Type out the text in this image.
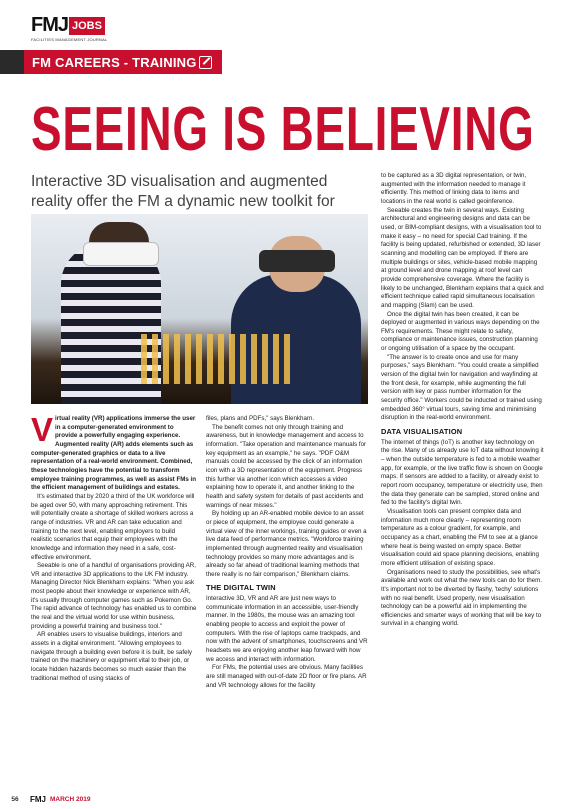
FMJ JOBS
FACILITIES MANAGEMENT JOURNAL
FM CAREERS - TRAINING
SEEING IS BELIEVING
Interactive 3D visualisation and augmented reality offer the FM a dynamic new toolkit for

Virtual reality (VR) applications immerse the user in a computer-generated environment to provide a powerfully engaging experience. Augmented reality (AR) adds elements such as computer-generated graphics or data to a live representation of a real-world environment. Combined, these technologies have the potential to transform employee training programmes, as well as assist FMs in the efficient management of buildings and estates.

It's estimated that by 2020 a third of the UK workforce will be aged over 50, with many approaching retirement. This will potentially create a shortage of skilled workers across a range of industries. VR and AR can take education and training to the next level, enabling employers to build realistic scenarios that equip their employees with the knowledge and information they need in a safe, cost-effective environment.

Seeable is one of a handful of organisations providing AR, VR and interactive 3D applications to the UK FM industry. Managing Director Nick Blenkharn explains: "When you ask most people about their knowledge or experience with AR, it's usually through computer games such as Pokemon Go. The rapid advance of technology has enabled us to combine the real and the virtual world for use within business, providing a powerful training and business tool."

AR enables users to visualise buildings, interiors and assets in a digital environment. "Allowing employees to navigate through a building even before it is built, be safely trained on the machinery or equipment vital to their job, or locate hidden hazards becomes so much easier than the traditional method of using stacks of

files, plans and PDFs," says Blenkharn.

The benefit comes not only through training and awareness, but in knowledge management and access to information. "Take operation and maintenance manuals for key equipment as an example," he says. "PDF O&M manuals could be accessed by the click of an information icon with a 3D representation of the equipment. Progress this further via another icon which accesses a video explaining how to operate it, and another linking to the health and safety system for details of past accidents and warnings of near misses."

By holding up an AR-enabled mobile device to an asset or piece of equipment, the employee could generate a virtual view of the inner workings, training guides or even a live data feed of performance metrics. "Workforce training implemented through augmented reality and visualisation technology provides so many more advantages and is already so far ahead of traditional learning methods that there really is no fair comparison," Blenkharn claims.

THE DIGITAL TWIN

Interactive 3D, VR and AR are just new ways to communicate information in an accessible, user-friendly manner. In the 1980s, the mouse was an amazing tool enabling people to access and exploit the power of computers. With the rise of laptops came trackpads, and now with the advent of smartphones, touchscreens and VR headsets we are enjoying another leap forward with how we access and interact with information.

For FMs, the potential uses are obvious. Many facilities are still managed with out-of-date 2D floor or fire plans. AR and VR technology allows for the facility

to be captured as a 3D digital representation, or twin, augmented with the information needed to manage it efficiently. This method of linking data to items and locations in the real world is called geoinference.

Seeable creates the twin in several ways. Existing architectural and engineering designs and data can be used, or BIM-compliant designs, with a visualisation tool to make it easy – no need for special Cad training. If the facility is being updated, refurbished or extended, 3D laser scanning and modelling can be employed. If there are multiple buildings or sites, vehicle-based mobile mapping at ground level and drone mapping at roof level can provide comprehensive coverage. Where the facility is likely to be unchanged, Blenkharn explains that a quick and efficient technique called rapid simultaneous localisation and mapping (Slam) can be used.

Once the digital twin has been created, it can be deployed or augmented in various ways depending on the FM's requirements. These might relate to safety, compliance or maintenance issues, construction planning or ongoing utilisation of a space by the occupant.

"The answer is to create once and use for many purposes," says Blenkharn. "You could create a simplified version of the digital twin for navigation and wayfinding at the front desk, for example, while augmenting the full version with key or pass number information for the security office." Workers could be inducted or trained using embedded 360° virtual tours, saving time and minimising disruption in the real-world environment.

DATA VISUALISATION

The internet of things (IoT) is another key technology on the rise. Many of us already use IoT data without knowing it – when the outside temperature is fed to a mobile weather app, for example, or the live traffic flow is shown on Google maps. If sensors are added to a facility, or already exist to report room occupancy, temperature or electricity use, then the data they generate can be sampled, stored online and fed to the facility's digital twin.

Visualisation tools can present complex data and information much more clearly – representing room temperature as a colour gradient, for example, and occupancy as a chart, enabling the FM to see at a glance where heat is being wasted on empty space. Better visualisation could aid space planning decisions, enabling more efficient utilisation of existing space.

Organisations need to study the possibilities, see what's available and work out what the new tools can do for them. It's important not to be diverted by flashy, 'techy' solutions with no real benefit. Used properly, new visualisation technology can be a powerful aid in implementing the efficiencies and smarter ways of working that will be key to survival in a changing world.

56	FMJ MARCH 2019
